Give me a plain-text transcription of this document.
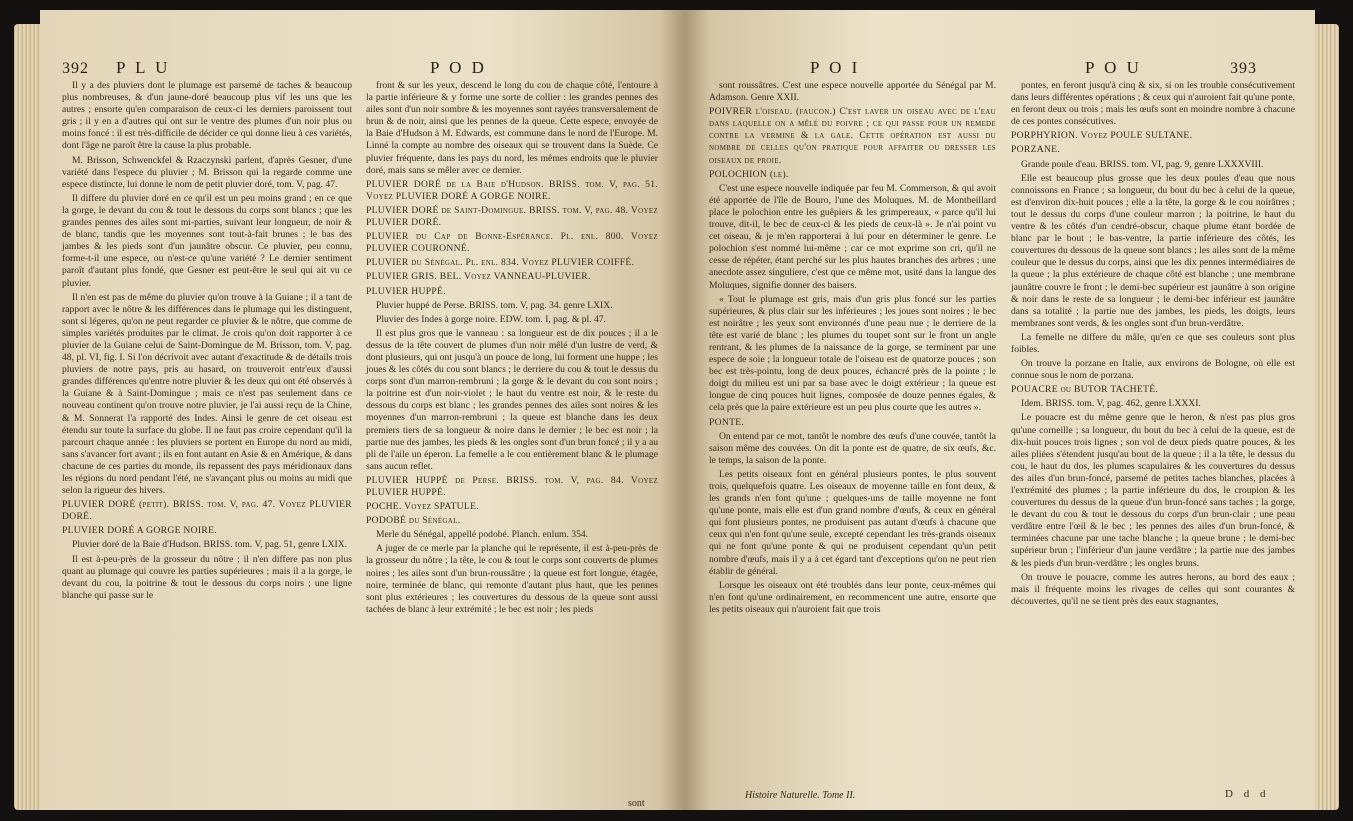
392 P L U	P O D

Il y a des pluviers dont le plumage est parsemé de taches & beaucoup plus nombreuses, & d'un jaune-doré beaucoup plus vif les uns que les autres ; ensorte qu'en comparaison de ceux-ci les derniers paroissent tout gris ; il y en a d'autres qui ont sur le ventre des plumes d'un noir plus ou moins foncé : il est très-difficile de décider ce qui donne lieu à ces variétés, dont l'âge ne paroît être la cause la plus probable.

M. Brisson, Schwenckfel & Rzaczynski parlent, d'après Gesner, d'une variété dans l'espece du pluvier ; M. Brisson qui la regarde comme une espece distincte, lui donne le nom de petit pluvier doré, tom. V, pag. 47.

Il differe du pluvier doré en ce qu'il est un peu moins grand ; en ce que la gorge, le devant du cou & tout le dessous du corps sont blancs ; que les grandes pennes des ailes sont mi-parties, suivant leur longueur, de noir & de blanc, tandis que les moyennes sont tout-à-fait brunes ; le bas des jambes & les pieds sont d'un jaunâtre obscur. Ce pluvier, peu connu, forme-t-il une espece, ou n'est-ce qu'une variété ? Le dernier sentiment paroît d'autant plus fondé, que Gesner est peut-être le seul qui ait vu ce pluvier.

Il n'en est pas de même du pluvier qu'on trouve à la Guiane ; il a tant de rapport avec le nôtre & les différences dans le plumage qui les distinguent, sont si légeres, qu'on ne peut regarder ce pluvier & le nôtre, que comme de simples variétés produites par le climat. Je crois qu'on doit rapporter à ce pluvier de la Guiane celui de Saint-Domingue de M. Brisson, tom. V, pag. 48, pl. VI, fig. I. Si l'on décrivoit avec autant d'exactitude & de détails trois pluviers de notre pays, pris au hasard, on trouveroit entr'eux d'aussi grandes différences qu'entre notre pluvier & les deux qui ont été observés à la Guiane & à Saint-Domingue ; mais ce n'est pas seulement dans ce nouveau continent qu'on trouve notre pluvier, je l'ai aussi reçu de la Chine, & M. Sonnerat l'a rapporté des Indes. Ainsi le genre de cet oiseau est étendu sur toute la surface du globe. Il ne faut pas croire cependant qu'il la parcourt chaque année : les pluviers se portent en Europe du nord au midi, sans s'avancer fort avant ; ils en font autant en Asie & en Amérique, & dans chacune de ces parties du monde, ils repassent des pays méridionaux dans les régions du nord pendant l'été, ne s'avançant plus ou moins au midi que selon la rigueur des hivers.

PLUVIER DORÉ (petit). BRISS. tom. V, pag. 47. Voyez PLUVIER DORÉ.

PLUVIER DORÉ A GORGE NOIRE.

Pluvier doré de la Baie d'Hudson. BRISS. tom. V, pag. 51, genre LXIX.

Il est à-peu-près de la grosseur du nôtre ; il n'en differe pas non plus quant au plumage qui couvre les parties supérieures ; mais il a la gorge, le devant du cou, la poitrine & tout le dessous du corps noirs ; une ligne blanche qui passe sur le

front & sur les yeux, descend le long du cou de chaque côté, l'entoure à la partie inférieure & y forme une sorte de collier : les grandes pennes des ailes sont d'un noir sombre & les moyennes sont rayées transversalement de brun & de noir, ainsi que les pennes de la queue. Cette espece, envoyée de la Baie d'Hudson à M. Edwards, est commune dans le nord de l'Europe. M. Linné la compte au nombre des oiseaux qui se trouvent dans la Suède. Ce pluvier fréquente, dans les pays du nord, les mêmes endroits que le pluvier doré, mais sans se mêler avec ce dernier.

PLUVIER DORÉ de la Baie d'Hudson. BRISS. tom. V, pag. 51. Voyez PLUVIER DORÉ A GORGE NOIRE.

PLUVIER DORÉ de Saint-Domingue. BRISS. tom. V, pag. 48. Voyez PLUVIER DORÉ.

PLUVIER du Cap de Bonne-Espérance. Pl. enl. 800. Voyez PLUVIER COURONNÉ.

PLUVIER du Sénégal. Pl. enl. 834. Voyez PLUVIER COIFFÉ.

PLUVIER GRIS. BEL. Voyez VANNEAU-PLUVIER.

PLUVIER HUPPÉ.

Pluvier huppé de Perse. BRISS. tom. V, pag. 34. genre LXIX.

Pluvier des Indes à gorge noire. EDW. tom. I, pag. & pl. 47.

Il est plus gros que le vanneau : sa longueur est de dix pouces ; il a le dessus de la tête couvert de plumes d'un noir mêlé d'un lustre de verd, & dont plusieurs, qui ont jusqu'à un pouce de long, lui forment une huppe ; les joues & les côtés du cou sont blancs ; le derriere du cou & tout le dessus du corps sont d'un marron-rembruni ; la gorge & le devant du cou sont noirs ; la poitrine est d'un noir-violet ; le haut du ventre est noir, & le reste du dessous du corps est blanc ; les grandes pennes des ailes sont noires & les moyennes d'un marron-rembruni ; la queue est blanche dans les deux premiers tiers de sa longueur & noire dans le dernier ; le bec est noir ; la partie nue des jambes, les pieds & les ongles sont d'un brun foncé ; il y a au pli de l'aile un éperon. La femelle a le cou entièrement blanc & le plumage sans aucun reflet.

PLUVIER HUPPÉ de Perse. BRISS. tom. V, pag. 84. Voyez PLUVIER HUPPÉ.

POCHE. Voyez SPATULE.

PODOBÉ du Sénégal.

Merle du Sénégal, appellé podobé. Planch. enlum. 354.

A juger de ce merle par la planche qui le représente, il est à-peu-près de la grosseur du nôtre ; la tête, le cou & tout le corps sont couverts de plumes noires ; les ailes sont d'un brun-roussâtre ; la queue est fort longue, étagée, noire, terminée de blanc, qui remonte d'autant plus haut, que les pennes sont plus extérieures ; les couvertures du dessous de la queue sont aussi tachées de blanc à leur extrémité ; le bec est noir ; les pieds

sont
P O I	P O U	393

sont roussâtres. C'est une espece nouvelle apportée du Sénégal par M. Adamson. Genre XXII.

POIVRER l'oiseau. (faucon.) C'est laver un oiseau avec de l'eau dans laquelle on a mêlé du poivre ; ce qui passe pour un remede contre la vermine & la gale. Cette opération est aussi du nombre de celles qu'on pratique pour affaiter ou dresser les oiseaux de proie.

POLOCHION (le).

C'est une espece nouvelle indiquée par feu M. Commerson, & qui avoit été apportée de l'île de Bouro, l'une des Moluques. M. de Montbeillard place le polochion entre les guêpiers & les grimpereaux, « parce qu'il lui trouve, dit-il, le bec de ceux-ci & les pieds de ceux-là ». Je n'ai point vu cet oiseau, & je m'en rapporterai à lui pour en déterminer le genre. Le polochion s'est nommé lui-même ; car ce mot exprime son cri, qu'il ne cesse de répéter, étant perché sur les plus hautes branches des arbres ; une anecdote assez singuliere, c'est que ce même mot, usité dans la langue des Moluques, signifie donner des baisers.

« Tout le plumage est gris, mais d'un gris plus foncé sur les parties supérieures, & plus clair sur les inférieures ; les joues sont noires ; le bec est noirâtre ; les yeux sont environnés d'une peau nue ; le derriere de la tête est varié de blanc ; les plumes du toupet sont sur le front un angle rentrant, & les plumes de la naissance de la gorge, se terminent par une espece de soie ; la longueur totale de l'oiseau est de quatorze pouces ; son bec est très-pointu, long de deux pouces, échancré près de la pointe ; le doigt du milieu est uni par sa base avec le doigt extérieur ; la queue est longue de cinq pouces huit lignes, composée de douze pennes égales, & cela près que la paire extérieure est un peu plus courte que les autres ».

PONTE.

On entend par ce mot, tantôt le nombre des œufs d'une couvée, tantôt la saison même des couvées. On dit la ponte est de quatre, de six œufs, &c. le temps, la saison de la ponte.

Les petits oiseaux font en général plusieurs pontes, le plus souvent trois, quelquefois quatre. Les oiseaux de moyenne taille en font deux, & les grands n'en font qu'une ; quelques-uns de taille moyenne ne font qu'une ponte, mais elle est d'un grand nombre d'œufs, & ceux en général qui font plusieurs pontes, ne produisent pas autant d'œufs à chacune que ceux qui n'en font qu'une seule, excepté cependant les très-grands oiseaux qui ne font qu'une ponte & qui ne produisent cependant qu'un petit nombre d'œufs, mais il y a à cet égard tant d'exceptions qu'on ne peut rien établir de général.

Lorsque les oiseaux ont été troublés dans leur ponte, ceux-mêmes qui n'en font qu'une ordinairement, en recommencent une autre, ensorte que les petits oiseaux qui n'auroient fait que trois

pontes, en feront jusqu'à cinq & six, si on les trouble consécutivement dans leurs différentes opérations ; & ceux qui n'auroient fait qu'une ponte, en feront deux ou trois ; mais les œufs sont en moindre nombre à chacune de ces pontes consécutives.

PORPHYRION. Voyez POULE SULTANE.

PORZANE.

Grande poule d'eau. BRISS. tom. VI, pag. 9, genre LXXXVIII.

Elle est beaucoup plus grosse que les deux poules d'eau que nous connoissons en France ; sa longueur, du bout du bec à celui de la queue, est d'environ dix-huit pouces ; elle a la tête, la gorge & le cou noirâtres ; tout le dessus du corps d'une couleur marron ; la poitrine, le haut du ventre & les côtés d'un cendré-obscur, chaque plume étant bordée de blanc par le bout ; le bas-ventre, la partie inférieure des côtés, les couvertures du dessous de la queue sont blancs ; les ailes sont de la même couleur que le dessus du corps, ainsi que les dix pennes intermédiaires de la queue ; la plus extérieure de chaque côté est blanche ; une membrane jaunâtre couvre le front ; le demi-bec supérieur est jaunâtre à son origine & noir dans le reste de sa longueur ; le demi-bec inférieur est jaunâtre dans sa totalité ; la partie nue des jambes, les pieds, les doigts, leurs membranes sont verds, & les ongles sont d'un brun-verdâtre.

La femelle ne differe du mâle, qu'en ce que ses couleurs sont plus foibles.

On trouve la porzane en Italie, aux environs de Bologne, où elle est connue sous le nom de porzana.

POUACRE ou BUTOR TACHETÉ.

Idem. BRISS. tom. V, pag. 462, genre LXXXI.

Le pouacre est du même genre que le heron, & n'est pas plus gros qu'une corneille ; sa longueur, du bout du bec à celui de la queue, est de dix-huit pouces trois lignes ; son vol de deux pieds quatre pouces, & les ailes pliées s'étendent jusqu'au bout de la queue ; il a la tête, le dessus du cou, le haut du dos, les plumes scapulaires & les couvertures du dessus des ailes d'un brun-foncé, parsemé de petites taches blanches, placées à l'extrémité des plumes ; la partie inférieure du dos, le croupion & les couvertures du dessus de la queue d'un brun-foncé sans taches ; la gorge, le devant du cou & tout le dessous du corps d'un brun-clair ; une peau verdâtre entre l'œil & le bec ; les pennes des ailes d'un brun-foncé, & terminées chacune par une tache blanche ; la queue brune ; le demi-bec supérieur brun ; l'inférieur d'un jaune verdâtre ; la partie nue des jambes & les pieds d'un brun-verdâtre ; les ongles bruns.

On trouve le pouacre, comme les autres herons, au bord des eaux ; mais il fréquente moins les rivages de celles qui sont courantes & découvertes, qu'il ne se tient près des eaux stagnantes,

Histoire Naturelle. Tome II.	D d d
